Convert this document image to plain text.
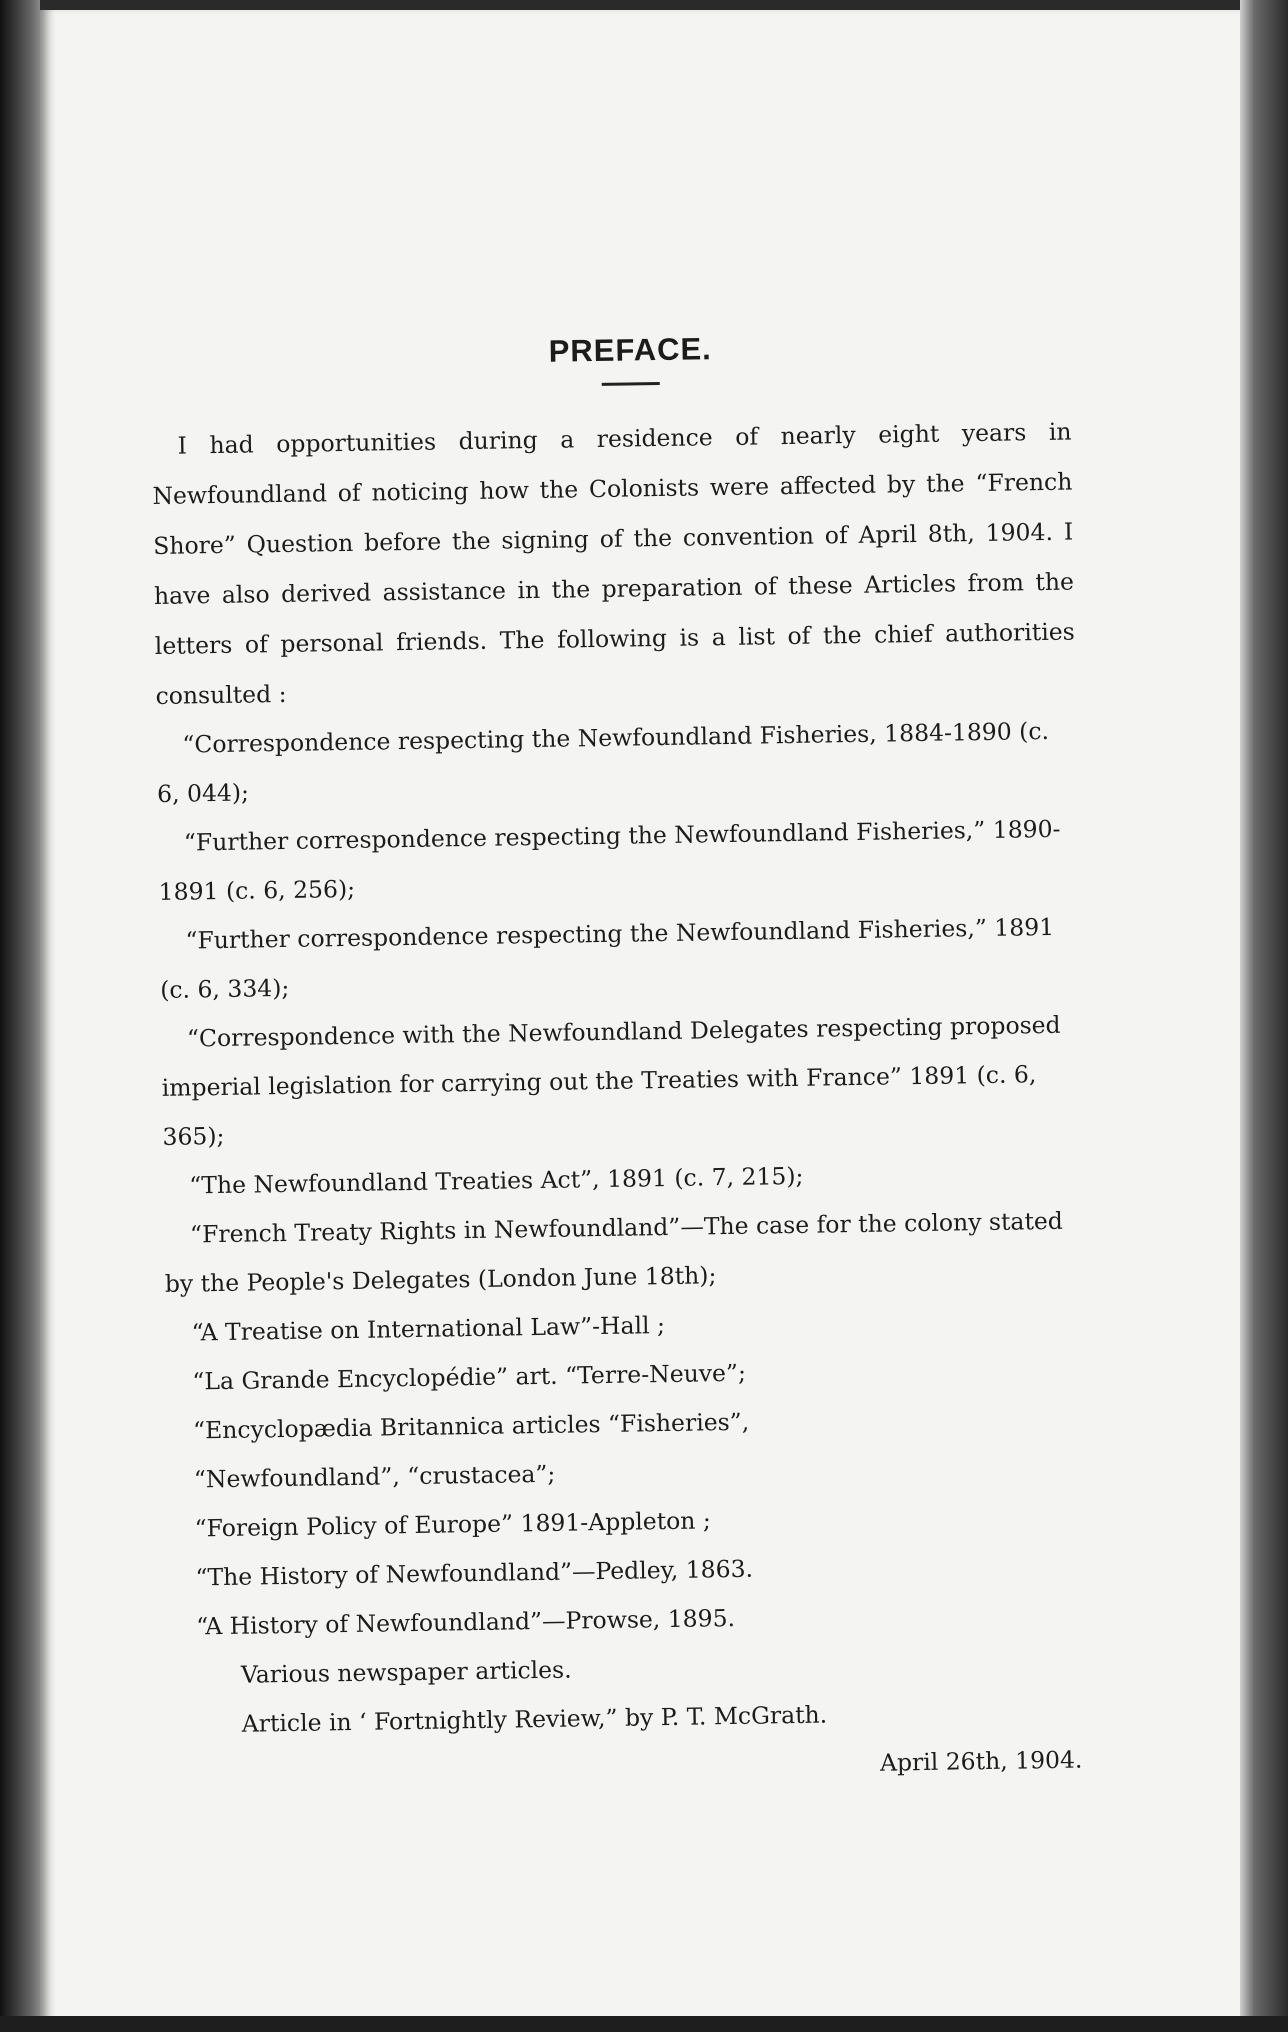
PREFACE.

I had opportunities during a residence of nearly eight years in Newfoundland of noticing how the Colonists were affected by the “French Shore” Question before the signing of the convention of April 8th, 1904. I have also derived assistance in the preparation of these Articles from the letters of personal friends. The following is a list of the chief authorities consulted :

“Correspondence respecting the Newfoundland Fisheries, 1884-1890 (c. 6, 044);

“Further correspondence respecting the Newfoundland Fisheries,” 1890-1891 (c. 6, 256);

“Further correspondence respecting the Newfoundland Fisheries,” 1891 (c. 6, 334);

“Correspondence with the Newfoundland Delegates respecting proposed imperial legislation for carrying out the Treaties with France” 1891 (c. 6, 365);

“The Newfoundland Treaties Act”, 1891 (c. 7, 215);

“French Treaty Rights in Newfoundland”—The case for the colony stated by the People's Delegates (London June 18th);

“A Treatise on International Law”-Hall ;

“La Grande Encyclopédie” art. “Terre-Neuve”;

“Encyclopædia Britannica articles “Fisheries”,

“Newfoundland”, “crustacea”;

“Foreign Policy of Europe” 1891-Appleton ;

“The History of Newfoundland”—Pedley, 1863.

“A History of Newfoundland”—Prowse, 1895.

Various newspaper articles.

Article in ‘ Fortnightly Review,” by P. T. McGrath.

April 26th, 1904.
